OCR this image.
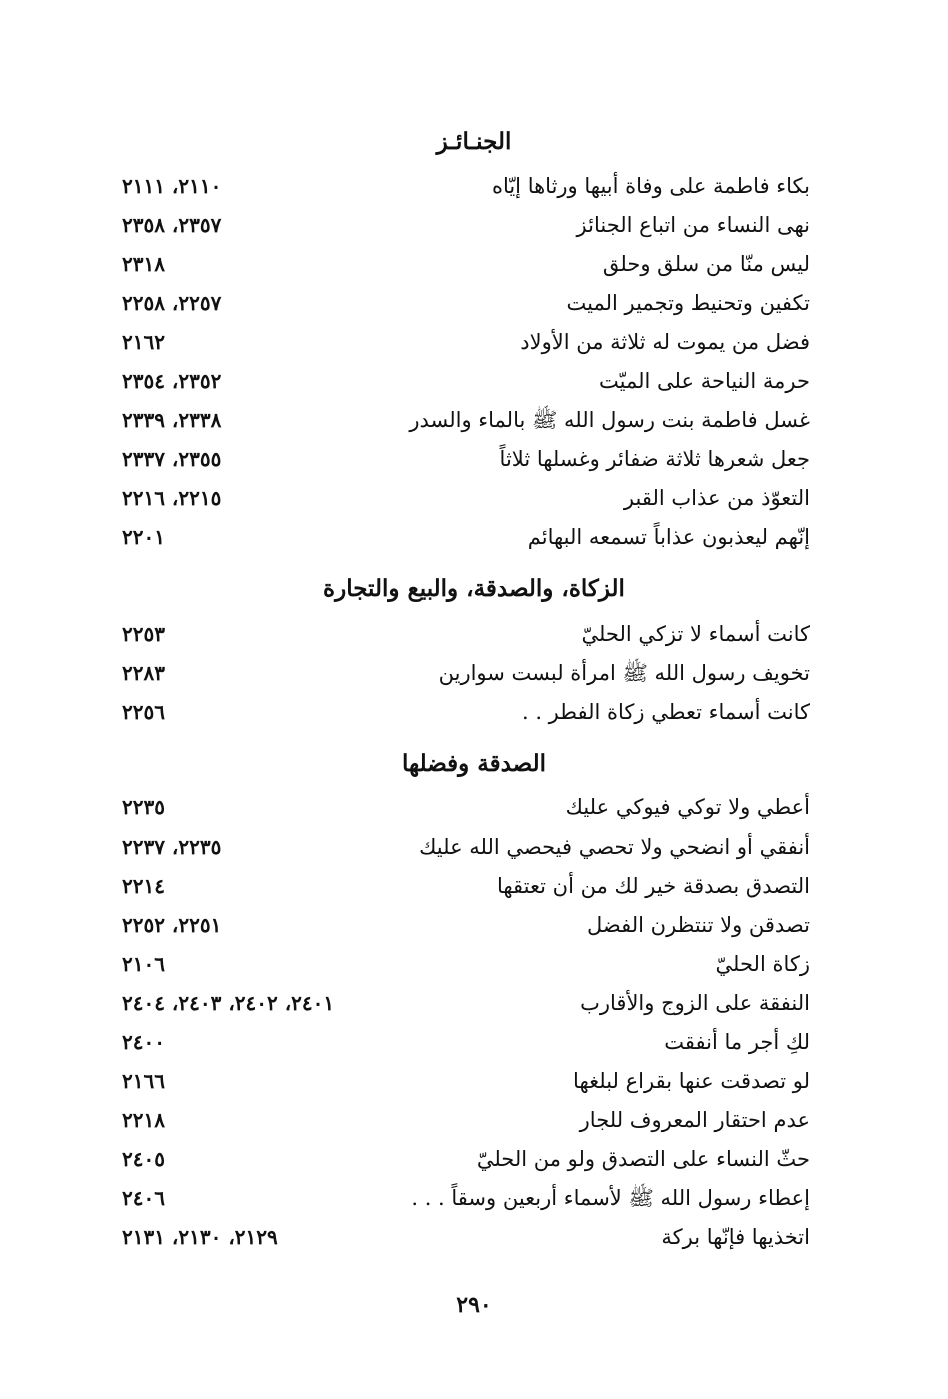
الجنـائـز
بكاء فاطمة على وفاة أبيها ورثاها إيّاه
٢١١٠، ٢١١١
نهى النساء من اتباع الجنائز
٢٣٥٧، ٢٣٥٨
ليس منّا من سلق وحلق
٢٣١٨
تكفين وتحنيط وتجمير الميت
٢٢٥٧، ٢٢٥٨
فضل من يموت له ثلاثة من الأولاد
٢١٦٢
حرمة النياحة على الميّت
٢٣٥٢، ٢٣٥٤
غسل فاطمة بنت رسول الله ﷺ بالماء والسدر
٢٣٣٨، ٢٣٣٩
جعل شعرها ثلاثة ضفائر وغسلها ثلاثاً
٢٣٥٥، ٢٣٣٧
التعوّذ من عذاب القبر
٢٢١٥، ٢٢١٦
إنّهم ليعذبون عذاباً تسمعه البهائم
٢٢٠١
الزكاة، والصدقة، والبيع والتجارة
كانت أسماء لا تزكي الحليّ
٢٢٥٣
تخويف رسول الله ﷺ امرأة لبست سوارين
٢٢٨٣
كانت أسماء تعطي زكاة الفطر . .
٢٢٥٦
الصدقة وفضلها
أعطي ولا توكي فيوكي عليك
٢٢٣٥
أنفقي أو انضحي ولا تحصي فيحصي الله عليك
٢٢٣٥، ٢٢٣٧
التصدق بصدقة خير لك من أن تعتقها
٢٢١٤
تصدقن ولا تنتظرن الفضل
٢٢٥١، ٢٢٥٢
زكاة الحليّ
٢١٠٦
النفقة على الزوج والأقارب
٢٤٠١، ٢٤٠٢، ٢٤٠٣، ٢٤٠٤
لكِ أجر ما أنفقت
٢٤٠٠
لو تصدقت عنها بقراع لبلغها
٢١٦٦
عدم احتقار المعروف للجار
٢٢١٨
حثّ النساء على التصدق ولو من الحليّ
٢٤٠٥
إعطاء رسول الله ﷺ لأسماء أربعين وسقاً . . .
٢٤٠٦
اتخذيها فإنّها بركة
٢١٢٩، ٢١٣٠، ٢١٣١
٢٩٠
